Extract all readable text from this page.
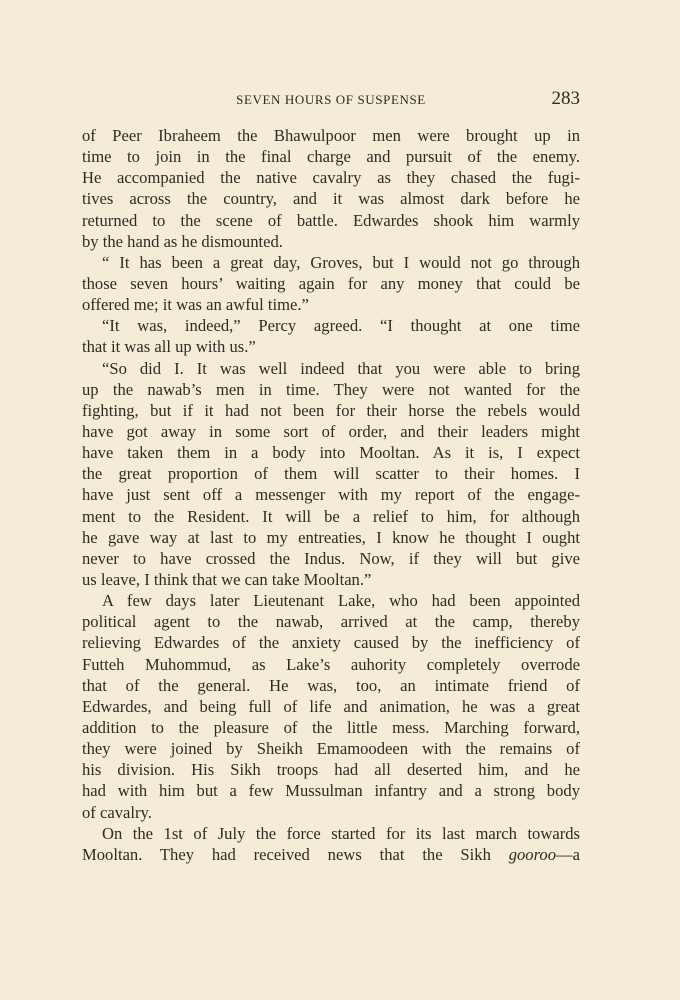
SEVEN HOURS OF SUSPENSE	283
of Peer Ibraheem the Bhawulpoor men were brought up in
time to join in the final charge and pursuit of the enemy.
He accompanied the native cavalry as they chased the fugi-
tives across the country, and it was almost dark before he
returned to the scene of battle. Edwardes shook him warmly
by the hand as he dismounted.
“ It has been a great day, Groves, but I would not go through
those seven hours’ waiting again for any money that could be
offered me; it was an awful time.”
“It was, indeed,” Percy agreed. “I thought at one time
that it was all up with us.”
“So did I. It was well indeed that you were able to bring
up the nawab’s men in time. They were not wanted for the
fighting, but if it had not been for their horse the rebels would
have got away in some sort of order, and their leaders might
have taken them in a body into Mooltan. As it is, I expect
the great proportion of them will scatter to their homes. I
have just sent off a messenger with my report of the engage-
ment to the Resident. It will be a relief to him, for although
he gave way at last to my entreaties, I know he thought I ought
never to have crossed the Indus. Now, if they will but give
us leave, I think that we can take Mooltan.”
A few days later Lieutenant Lake, who had been appointed
political agent to the nawab, arrived at the camp, thereby
relieving Edwardes of the anxiety caused by the inefficiency of
Futteh Muhommud, as Lake’s auhority completely overrode
that of the general. He was, too, an intimate friend of
Edwardes, and being full of life and animation, he was a great
addition to the pleasure of the little mess. Marching forward,
they were joined by Sheikh Emamoodeen with the remains of
his division. His Sikh troops had all deserted him, and he
had with him but a few Mussulman infantry and a strong body
of cavalry.
On the 1st of July the force started for its last march towards
Mooltan. They had received news that the Sikh gooroo—a
